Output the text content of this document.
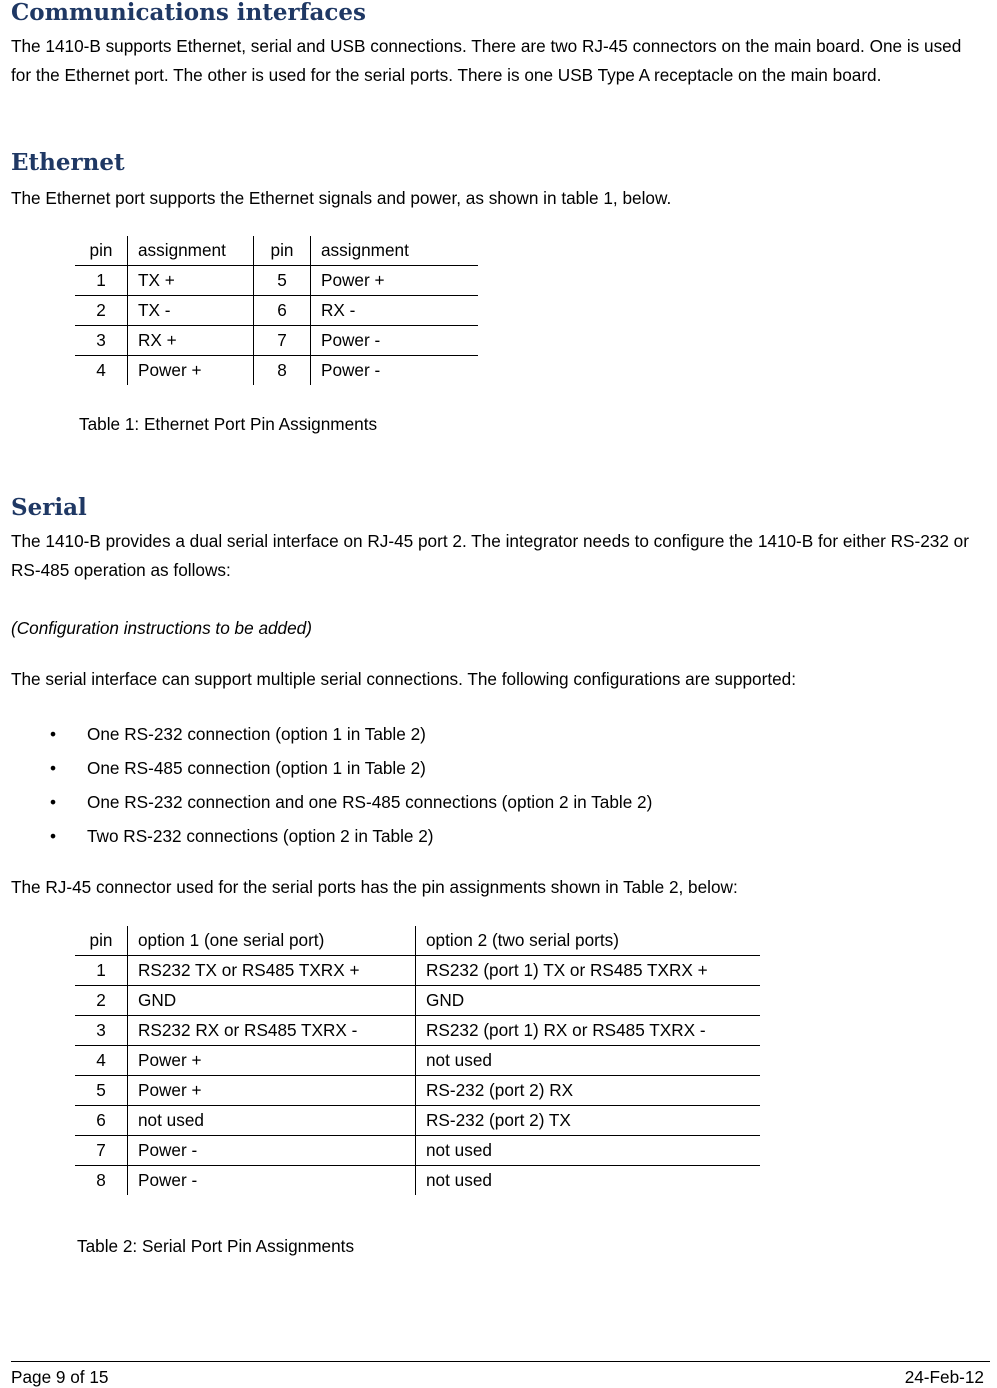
Communications interfaces

The 1410-B supports Ethernet, serial and USB connections. There are two RJ-45 connectors on the main board. One is used for the Ethernet port. The other is used for the serial ports. There is one USB Type A receptacle on the main board.

Ethernet

The Ethernet port supports the Ethernet signals and power, as shown in table 1, below.

pin	assignment	pin	assignment
1	TX +	5	Power +
2	TX -	6	RX -
3	RX +	7	Power -
4	Power +	8	Power -
Table 1: Ethernet Port Pin Assignments
Serial

The 1410-B provides a dual serial interface on RJ-45 port 2. The integrator needs to configure the 1410-B for either RS-232 or RS-485 operation as follows:

(Configuration instructions to be added)

The serial interface can support multiple serial connections. The following configurations are supported:

• One RS-232 connection (option 1 in Table 2)
• One RS-485 connection (option 1 in Table 2)
• One RS-232 connection and one RS-485 connections (option 2 in Table 2)
• Two RS-232 connections (option 2 in Table 2)

The RJ-45 connector used for the serial ports has the pin assignments shown in Table 2, below:

pin	option 1 (one serial port)	option 2 (two serial ports)
1	RS232 TX or RS485 TXRX +	RS232 (port 1) TX or RS485 TXRX +
2	GND	GND
3	RS232 RX or RS485 TXRX -	RS232 (port 1) RX or RS485 TXRX -
4	Power +	not used
5	Power +	RS-232 (port 2) RX
6	not used	RS-232 (port 2) TX
7	Power -	not used
8	Power -	not used
Table 2: Serial Port Pin Assignments
Page 9 of 15	24-Feb-12
